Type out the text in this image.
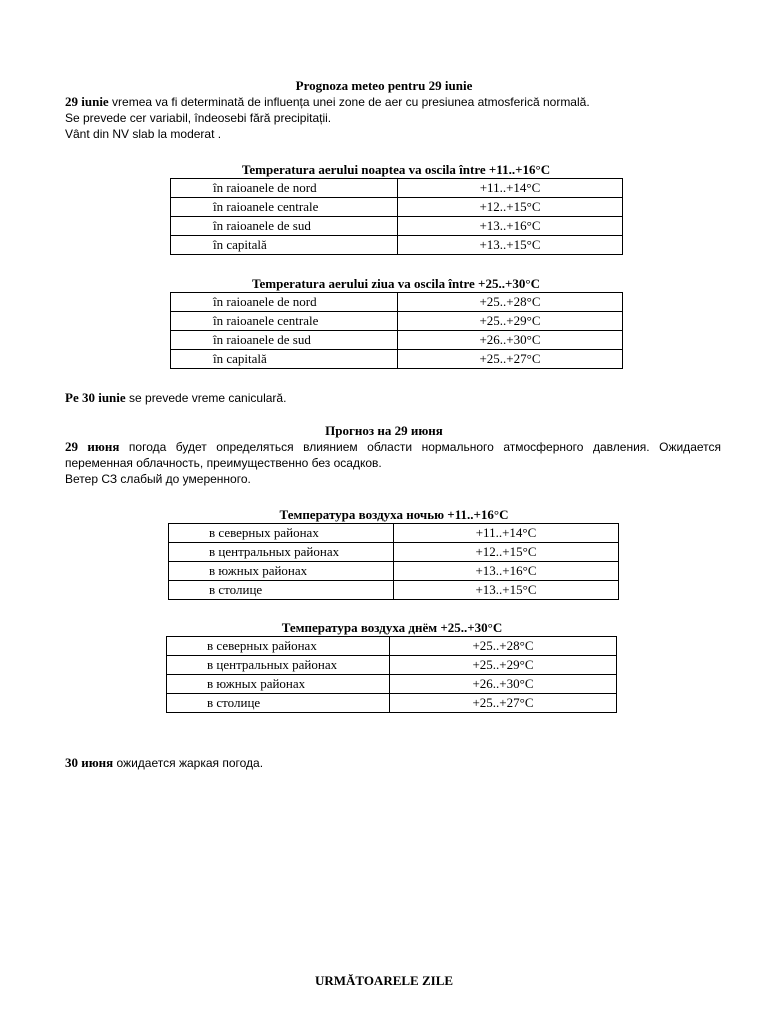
Prognoza meteo pentru 29 iunie
29 iunie vremea va fi determinată de influența unei zone de aer cu presiunea atmosferică normală.
Se prevede cer variabil, îndeosebi fără precipitații.
Vânt din NV slab la moderat .
Temperatura aerului noaptea va oscila între +11..+16°C
în raioanele de nord	+11..+14°C
în raioanele centrale	+12..+15°C
în raioanele de sud	+13..+16°C
în capitală	+13..+15°C
Temperatura aerului ziua va oscila între +25..+30°C
în raioanele de nord	+25..+28°C
în raioanele centrale	+25..+29°C
în raioanele de sud	+26..+30°C
în capitală	+25..+27°C
Pe 30 iunie se prevede vreme caniculară.
Прогноз на 29 июня
29 июня погода будет определяться влиянием области нормального атмосферного давления. Ожидается переменная облачность, преимущественно без осадков.
Ветер СЗ слабый до умеренного.
Температура воздуха ночью +11..+16°C
в северных районах	+11..+14°C
в центральных районах	+12..+15°C
в южных районах	+13..+16°C
в столице	+13..+15°C
Температура воздуха днём +25..+30°C
в северных районах	+25..+28°C
в центральных районах	+25..+29°C
в южных районах	+26..+30°C
в столице	+25..+27°C
30 июня ожидается жаркая погода.
URMĂTOARELE ZILE
